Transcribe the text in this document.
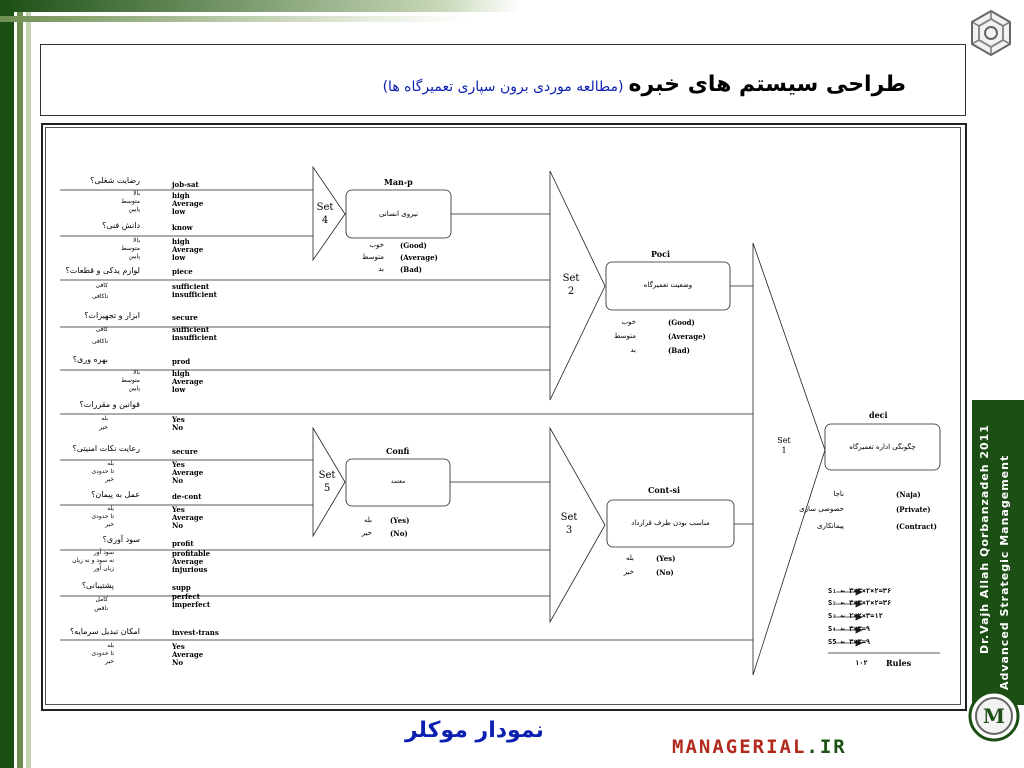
طراحی سیستم های خبره (مطالعه موردی برون سپاری تعمیرگاه ها)
رضایت شغلی؟	job-sat
بالا
متوسط
پایین
high
Average
low
دانش فنی؟	know
بالا
متوسط
پایین
high
Average
low
لوازم یدکی و قطعات؟	piece
کافی
ناکافی
sufficient
insufficient
ابزار و تجهیزات؟	secure
کافی
ناکافی
sufficient
insufficient
بهره وری؟	prod
بالا
متوسط
پایین
high
Average
low
قوانین و مقررات؟
بله
خیر
Yes
No
رعایت نکات امنیتی؟	secure
بله
تا حدودی
خیر
Yes
Average
No
عمل به پیمان؟	de-cont
بله
تا حدودی
خیر
Yes
Average
No
سود آوری؟	profit
سود آور
نه سود و نه زیان
زیان آور
profitable
Average
injurious
پشتیبانی؟	supp
کامل
ناقص
perfect
imperfect
امکان تبدیل سرمایه؟	invest-trans
بله
تا حدودی
خیر
Yes
Average
No
Set
4
Set
5
Set
2
Set
3
Set
1
Man-p
نیروی انسانی
خوب
متوسط
بد
(Good)
(Average)
(Bad)
Confi
معتمد
بله
خیر
(Yes)
(No)
Poci
وضعیت تعمیرگاه
خوب
متوسط
بد
(Good)
(Average)
(Bad)
Cont-si
مناسب بودن طرف قرارداد
بله
خیر
(Yes)
(No)
deci
چگونگی اداره تعمیرگاه
ناجا
خصوصی سازی
پیمانکاری
(Naja)
(Private)
(Contract)
S₁ ← ۳×۳×۲×۲=۳۶
S₂ ← ۳×۳×۲×۲=۳۶
S₃ ← ۲×۲×۳=۱۲
S₄ ← ۳×۳=۹
S5 ← ۳×۳=۹
۱۰۲ Rules
Dr.Vajh Allah Qorbanzadeh 2011 Advanced Strategic Management
نمودار موکلر
MANAGERIAL.IR
M
